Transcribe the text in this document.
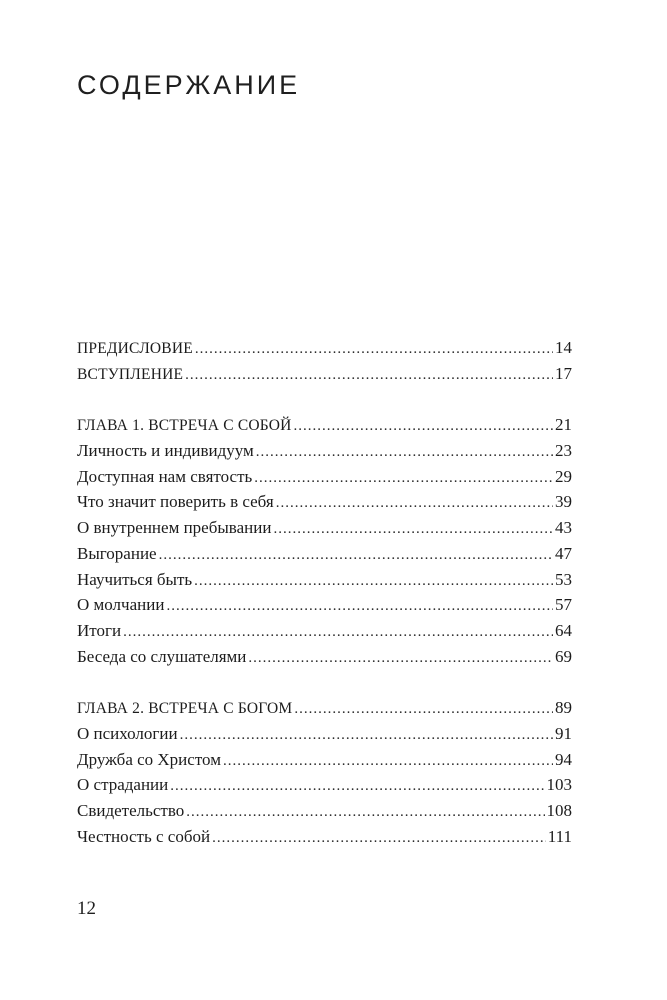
СОДЕРЖАНИЕ
ПРЕДИСЛОВИЕ .....	14
ВСТУПЛЕНИЕ .....	17
ГЛАВА 1. ВСТРЕЧА С СОБОЙ .....	21
Личность и индивидуум .....	23
Доступная нам святость .....	29
Что значит поверить в себя .....	39
О внутреннем пребывании .....	43
Выгорание .....	47
Научиться быть .....	53
О молчании .....	57
Итоги .....	64
Беседа со слушателями .....	69
ГЛАВА 2. ВСТРЕЧА С БОГОМ .....	89
О психологии .....	91
Дружба со Христом .....	94
О страдании .....	103
Свидетельство .....	108
Честность с собой .....	111
12
